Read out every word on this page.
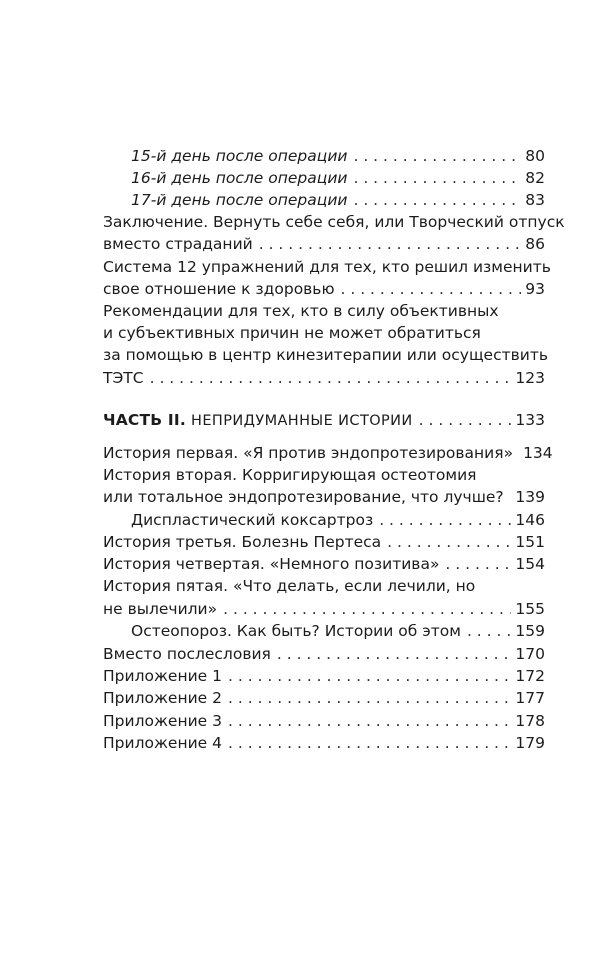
15-й день после операции . . .	80
16-й день после операции . . .	82
17-й день после операции . . .	83
Заключение. Вернуть себе себя, или Творческий отпуск
вместо страданий . . .	86
Система 12 упражнений для тех, кто решил изменить
свое отношение к здоровью . . .	93
Рекомендации для тех, кто в силу объективных
и субъективных причин не может обратиться
за помощью в центр кинезитерапии или осуществить
ТЭТС . . .	123
ЧАСТЬ II. НЕПРИДУМАННЫЕ ИСТОРИИ . . .	133
История первая. «Я против эндопротезирования» 134
История вторая. Корригирующая остеотомия
или тотальное эндопротезирование, что лучше? . . . 139
Диспластический коксартроз . . .	146
История третья. Болезнь Пертеса . . .	151
История четвертая. «Немного позитива» . . .	154
История пятая. «Что делать, если лечили, но
не вылечили» . . .	155
Остеопороз. Как быть? Истории об этом . . .	159
Вместо послесловия . . .	170
Приложение 1 . . .	172
Приложение 2 . . .	177
Приложение 3 . . .	178
Приложение 4 . . .	179
